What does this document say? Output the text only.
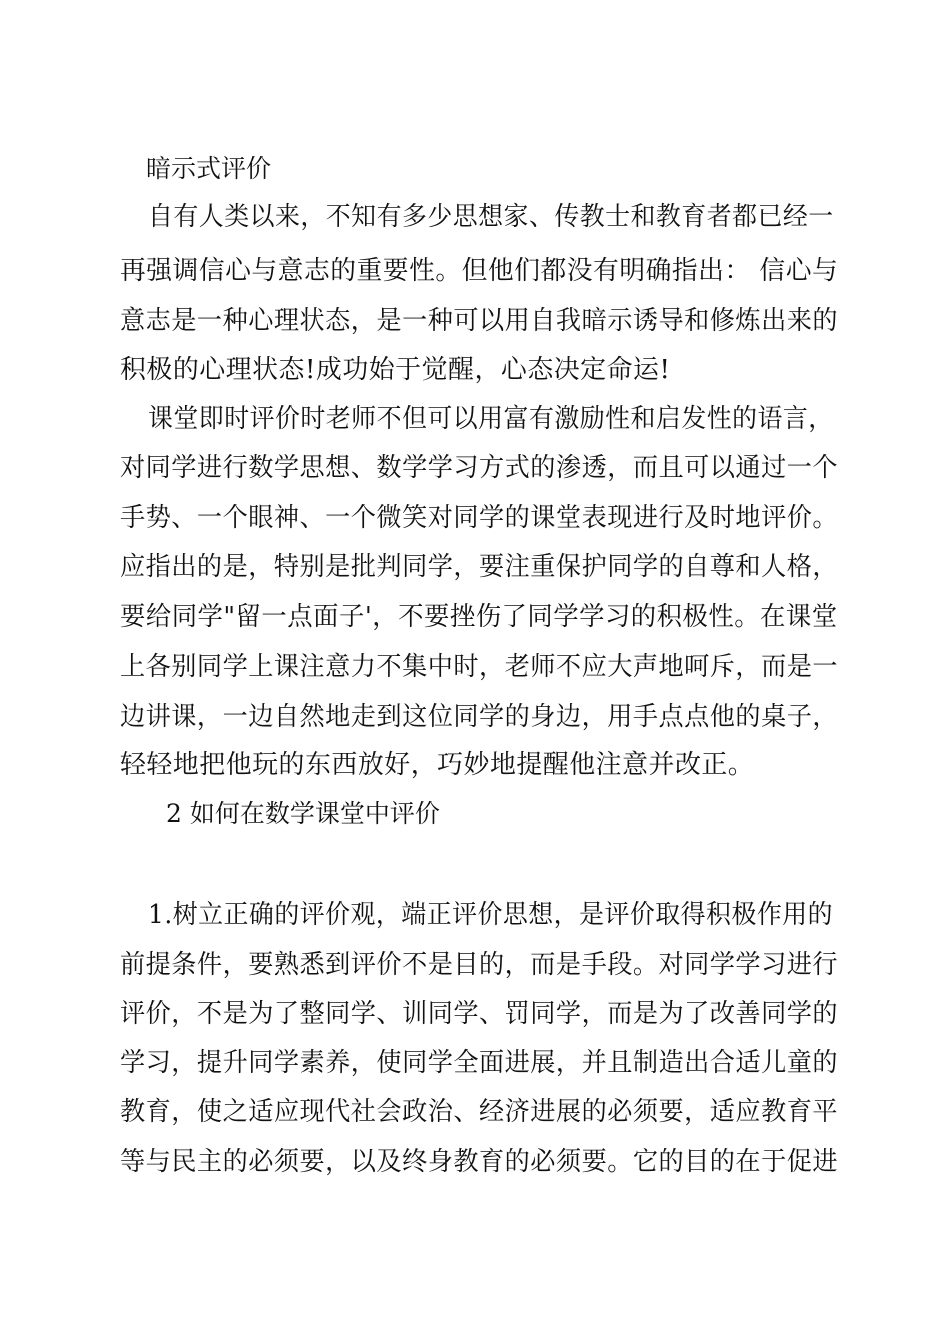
暗示式评价
自有人类以来，不知有多少思想家、传教士和教育者都已经一
再强调信心与意志的重要性。但他们都没有明确指出： 信心与
意志是一种心理状态，是一种可以用自我暗示诱导和修炼出来的
积极的心理状态!成功始于觉醒，心态决定命运!
课堂即时评价时老师不但可以用富有激励性和启发性的语言，
对同学进行数学思想、数学学习方式的渗透，而且可以通过一个
手势、一个眼神、一个微笑对同学的课堂表现进行及时地评价。
应指出的是，特别是批判同学，要注重保护同学的自尊和人格，
要给同学"留一点面子'，不要挫伤了同学学习的积极性。在课堂
上各别同学上课注意力不集中时，老师不应大声地呵斥，而是一
边讲课，一边自然地走到这位同学的身边，用手点点他的桌子，
轻轻地把他玩的东西放好，巧妙地提醒他注意并改正。
2 如何在数学课堂中评价
1.树立正确的评价观，端正评价思想，是评价取得积极作用的
前提条件，要熟悉到评价不是目的，而是手段。对同学学习进行
评价，不是为了整同学、训同学、罚同学，而是为了改善同学的
学习，提升同学素养，使同学全面进展，并且制造出合适儿童的
教育，使之适应现代社会政治、经济进展的必须要，适应教育平
等与民主的必须要，以及终身教育的必须要。它的目的在于促进
